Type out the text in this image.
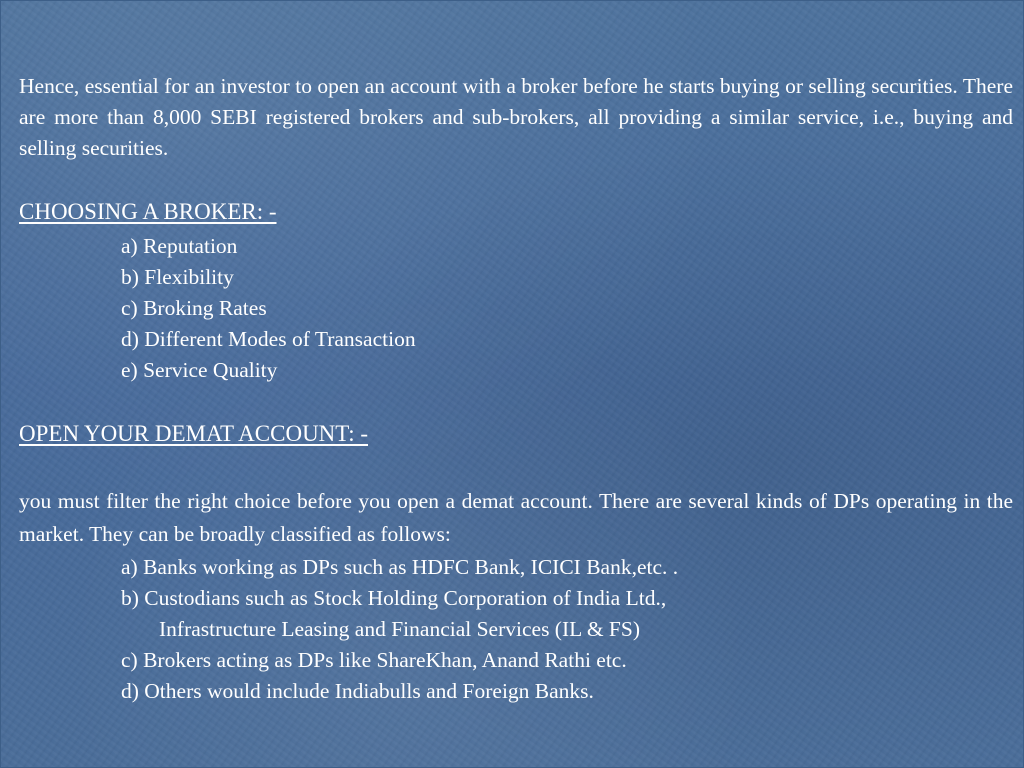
Hence, essential for an investor to open an account with a broker before he starts buying or selling securities. There are more than 8,000 SEBI registered brokers and sub-brokers, all providing a similar service, i.e., buying and selling securities.

CHOOSING A BROKER: -
a) Reputation
b) Flexibility
c) Broking Rates
d) Different Modes of Transaction
e) Service Quality
OPEN YOUR DEMAT ACCOUNT: -

you must filter the right choice before you open a demat account. There are several kinds of DPs operating in the market. They can be broadly classified as follows:

a) Banks working as DPs such as HDFC Bank, ICICI Bank,etc. .
b) Custodians such as Stock Holding Corporation of India Ltd.,
Infrastructure Leasing and Financial Services (IL & FS)
c) Brokers acting as DPs like ShareKhan, Anand Rathi etc.
d) Others would include Indiabulls and Foreign Banks.
